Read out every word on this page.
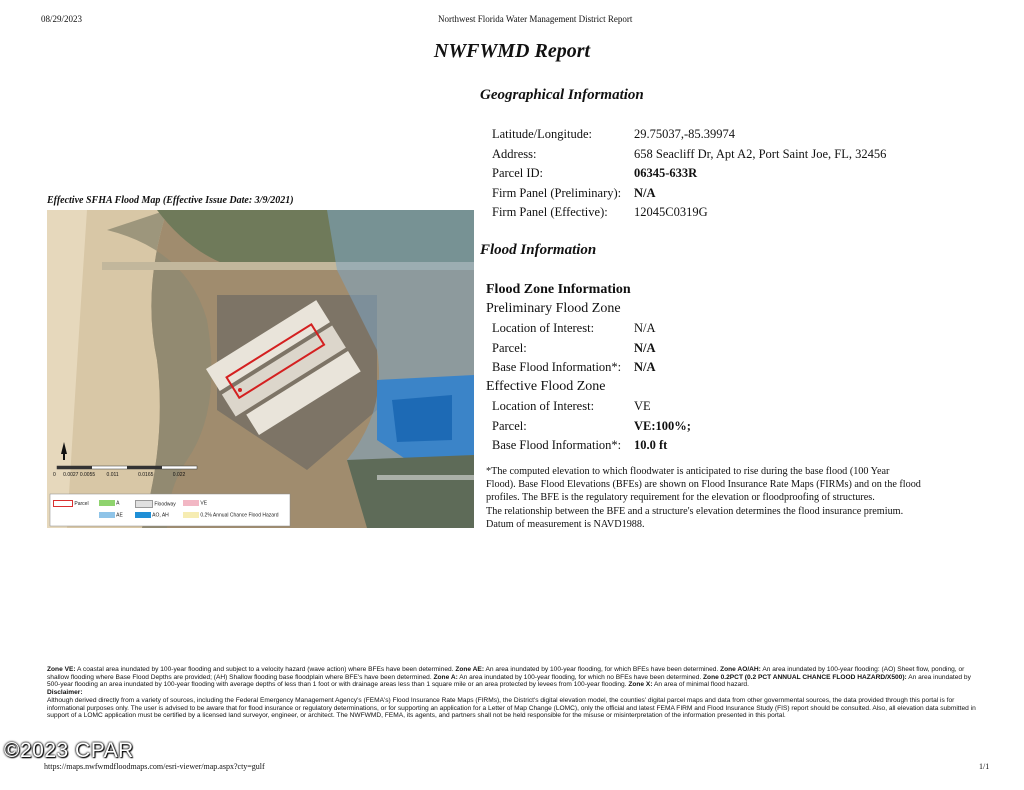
08/29/2023	Northwest Florida Water Management District Report
NWFWMD Report
Geographical Information
Latitude/Longitude:	29.75037,-85.39974
Address:	658 Seacliff Dr, Apt A2, Port Saint Joe, FL, 32456
Parcel ID:	06345-633R
Firm Panel (Preliminary): N/A
Firm Panel (Effective): 12045C0319G
Flood Information
Flood Zone Information
Preliminary Flood Zone
Location of Interest:	N/A
Parcel:	N/A
Base Flood Information*: N/A
Effective Flood Zone
Location of Interest:	VE
Parcel:	VE:100%;
Base Flood Information*: 10.0 ft
*The computed elevation to which floodwater is anticipated to rise during the base flood (100 Year
Flood). Base Flood Elevations (BFEs) are shown on Flood Insurance Rate Maps (FIRMs) and on the flood
profiles. The BFE is the regulatory requirement for the elevation or floodproofing of structures.
The relationship between the BFE and a structure's elevation determines the flood insurance premium.
Datum of measurement is NAVD1988.
Effective SFHA Flood Map (Effective Issue Date: 3/9/2021)
0 0.0027 0.0055 0.011	0.0165	0.022
Parcel	A	Floodway	VE
AE	AO, AH	0.2% Annual Chance Flood Hazard
Zone VE: A coastal area inundated by 100-year flooding and subject to a velocity hazard (wave action) where BFEs have been determined. Zone AE: An area inundated by 100-year flooding, for which BFEs have been determined. Zone AO/AH: An area inundated by 100-year flooding: (AO) Sheet flow, ponding, or shallow flooding where Base Flood Depths are provided; (AH) Shallow flooding base floodplain where BFE's have been determined. Zone A: An area inundated by 100-year flooding, for which no BFEs have been determined. Zone 0.2PCT (0.2 PCT ANNUAL CHANCE FLOOD HAZARD/X500): An area inundated by 500-year flooding an area inundated by 100-year flooding with average depths of less than 1 foot or with drainage areas less than 1 square mile or an area protected by levees from 100-year flooding. Zone X: An area of minimal flood hazard.
Disclaimer:
Although derived directly from a variety of sources, including the Federal Emergency Management Agency's (FEMA's) Flood Insurance Rate Maps (FIRMs), the District's digital elevation model, the counties' digital parcel maps and data from other governmental sources, the data provided through this portal is for informational purposes only. The user is advised to be aware that for flood insurance or regulatory determinations, or for supporting an application for a Letter of Map Change (LOMC), only the official and latest FEMA FIRM and Flood Insurance Study (FIS) report should be consulted. Also, all elevation data submitted in support of a LOMC application must be certified by a licensed land surveyor, engineer, or architect. The NWFWMD, FEMA, its agents, and partners shall not be held responsible for the misuse or misinterpretation of the information presented in this portal.
©2023 CPAR
https://maps.nwfwmdfloodmaps.com/esri-viewer/map.aspx?cty=gulf	1/1
